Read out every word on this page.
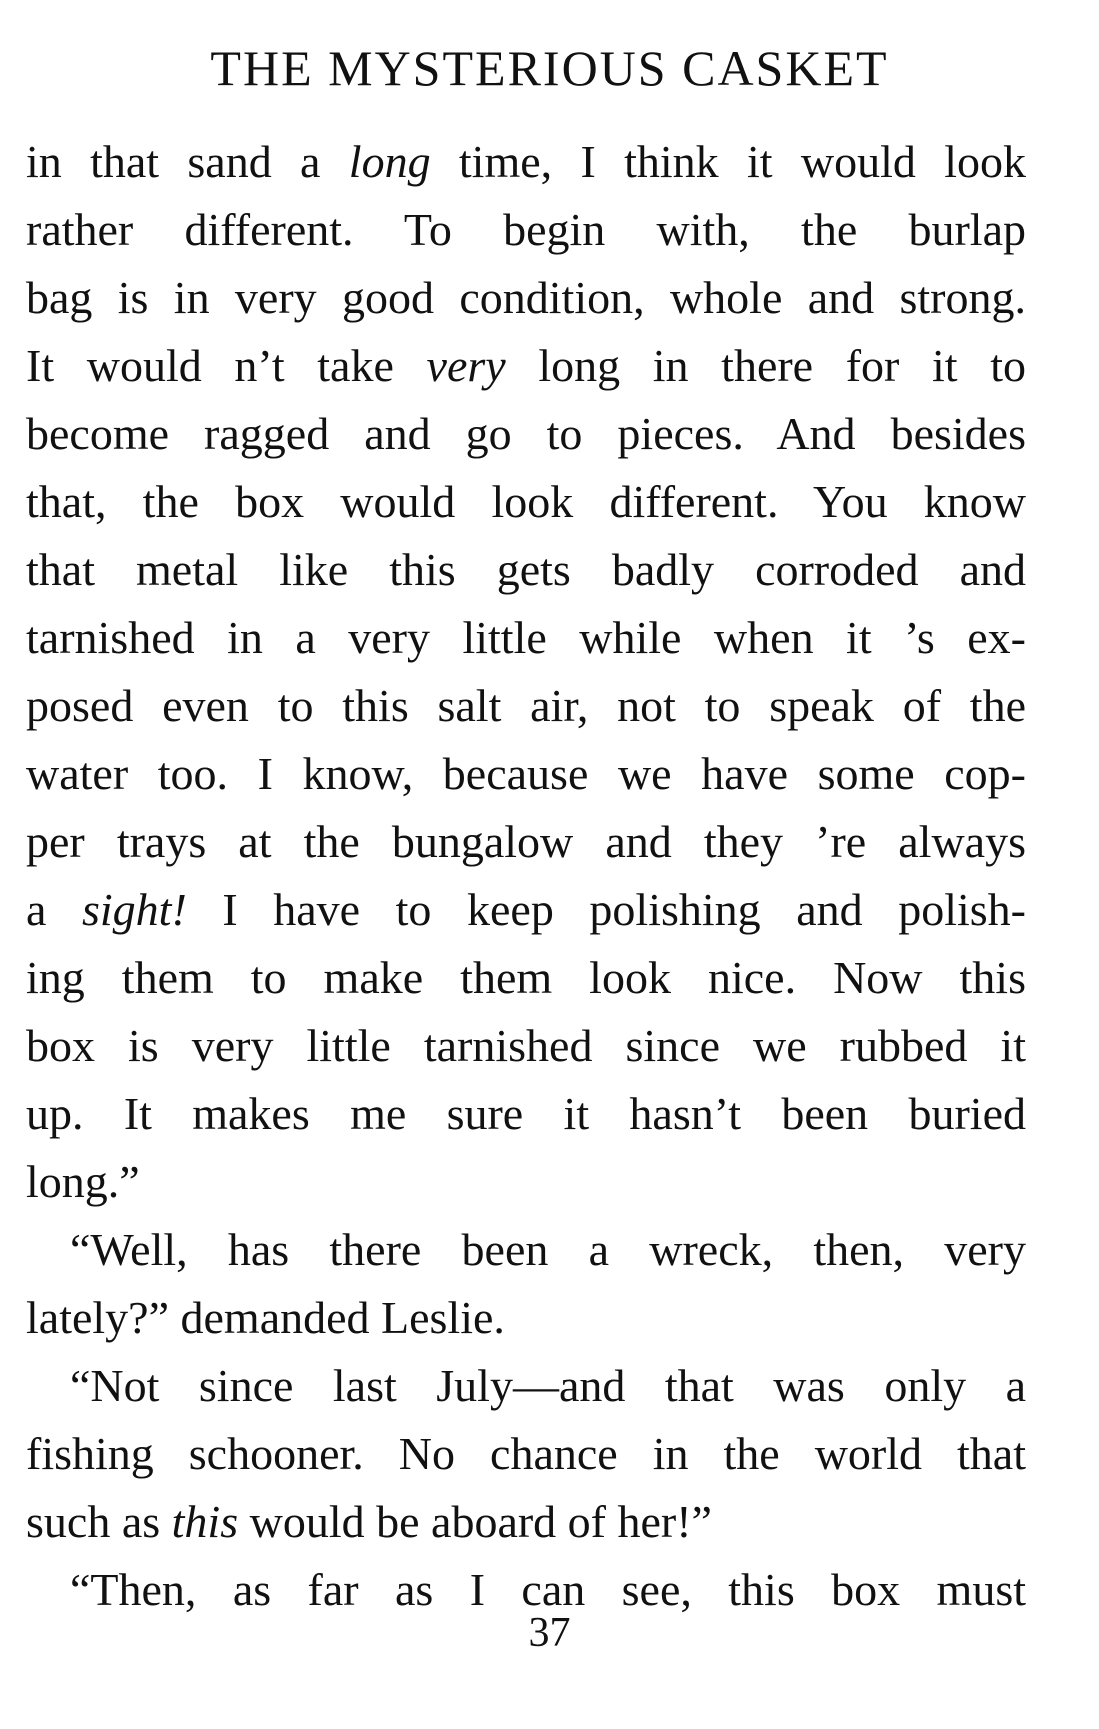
THE MYSTERIOUS CASKET
in that sand a long time, I think it would look
rather different. To begin with, the burlap
bag is in very good condition, whole and strong.
It would n’t take very long in there for it to
become ragged and go to pieces. And besides
that, the box would look different. You know
that metal like this gets badly corroded and
tarnished in a very little while when it ’s ex-
posed even to this salt air, not to speak of the
water too. I know, because we have some cop-
per trays at the bungalow and they ’re always
a sight! I have to keep polishing and polish-
ing them to make them look nice. Now this
box is very little tarnished since we rubbed it
up. It makes me sure it hasn’t been buried
long.”
“Well, has there been a wreck, then, very
lately?” demanded Leslie.
“Not since last July—and that was only a
fishing schooner. No chance in the world that
such as this would be aboard of her!”
“Then, as far as I can see, this box must
37
